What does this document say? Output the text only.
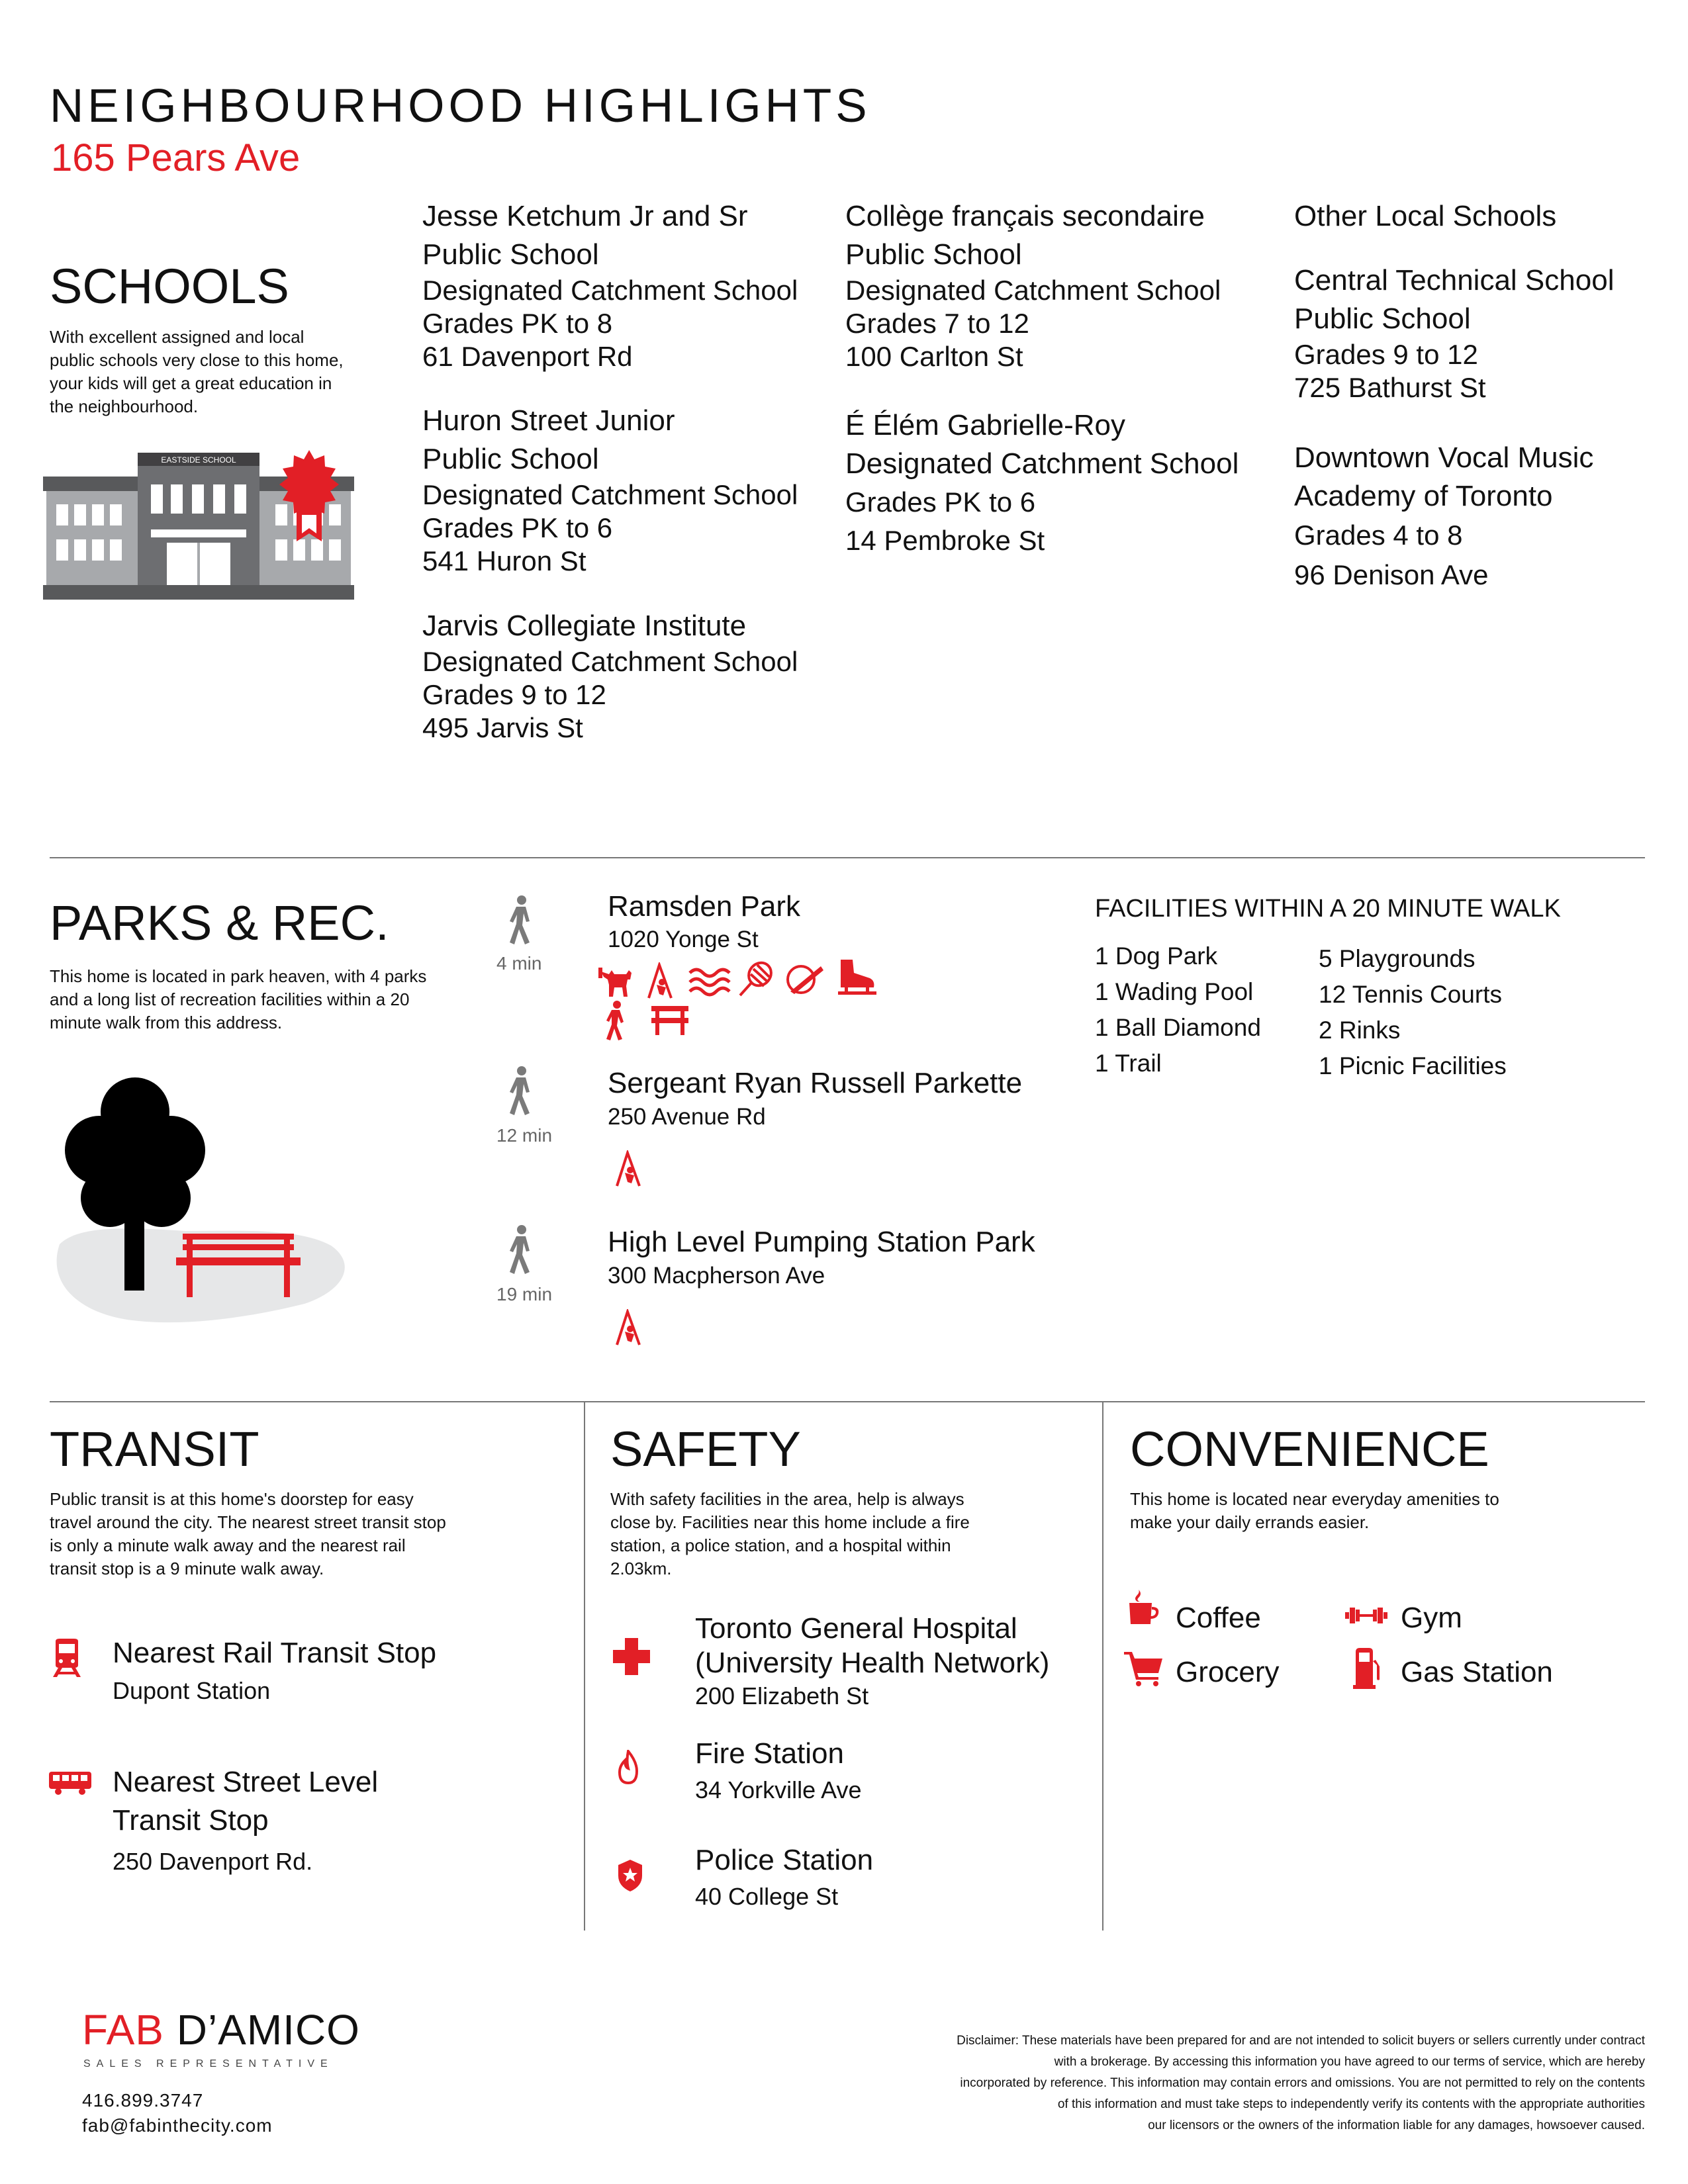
NEIGHBOURHOOD HIGHLIGHTS
165 Pears Ave
SCHOOLS
With excellent assigned and local public schools very close to this home, your kids will get a great education in the neighbourhood.
EASTSIDE SCHOOL
Jesse Ketchum Jr and Sr
Public School
Designated Catchment School
Grades PK to 8
61 Davenport Rd
Huron Street Junior
Public School
Designated Catchment School
Grades PK to 6
541 Huron St
Jarvis Collegiate Institute
Designated Catchment School
Grades 9 to 12
495 Jarvis St
Collège français secondaire
Public School
Designated Catchment School
Grades 7 to 12
100 Carlton St
É Élém Gabrielle-Roy
Designated Catchment School
Grades PK to 6
14 Pembroke St
Other Local Schools
Central Technical School
Public School
Grades 9 to 12
725 Bathurst St
Downtown Vocal Music
Academy of Toronto
Grades 4 to 8
96 Denison Ave
PARKS & REC.
This home is located in park heaven, with 4 parks and a long list of recreation facilities within a 20 minute walk from this address.
4 min
12 min
19 min
Ramsden Park
1020 Yonge St
Sergeant Ryan Russell Parkette
250 Avenue Rd
High Level Pumping Station Park
300 Macpherson Ave
FACILITIES WITHIN A 20 MINUTE WALK
1 Dog Park
1 Wading Pool
1 Ball Diamond
1 Trail
5 Playgrounds
12 Tennis Courts
2 Rinks
1 Picnic Facilities
TRANSIT
Public transit is at this home's doorstep for easy travel around the city. The nearest street transit stop is only a minute walk away and the nearest rail transit stop is a 9 minute walk away.
Nearest Rail Transit Stop
Dupont Station
Nearest Street Level
Transit Stop
250 Davenport Rd.
SAFETY
With safety facilities in the area, help is always close by. Facilities near this home include a fire station, a police station, and a hospital within 2.03km.
Toronto General Hospital
(University Health Network)
200 Elizabeth St
Fire Station
34 Yorkville Ave
Police Station
40 College St
CONVENIENCE
This home is located near everyday amenities to make your daily errands easier.
Coffee	Gym
Grocery	Gas Station
FAB D’AMICO
SALES REPRESENTATIVE
416.899.3747
fab@fabinthecity.com
Disclaimer: These materials have been prepared for and are not intended to solicit buyers or sellers currently under contract
with a brokerage. By accessing this information you have agreed to our terms of service, which are hereby
incorporated by reference. This information may contain errors and omissions. You are not permitted to rely on the contents
of this information and must take steps to independently verify its contents with the appropriate authorities
our licensors or the owners of the information liable for any damages, howsoever caused.
